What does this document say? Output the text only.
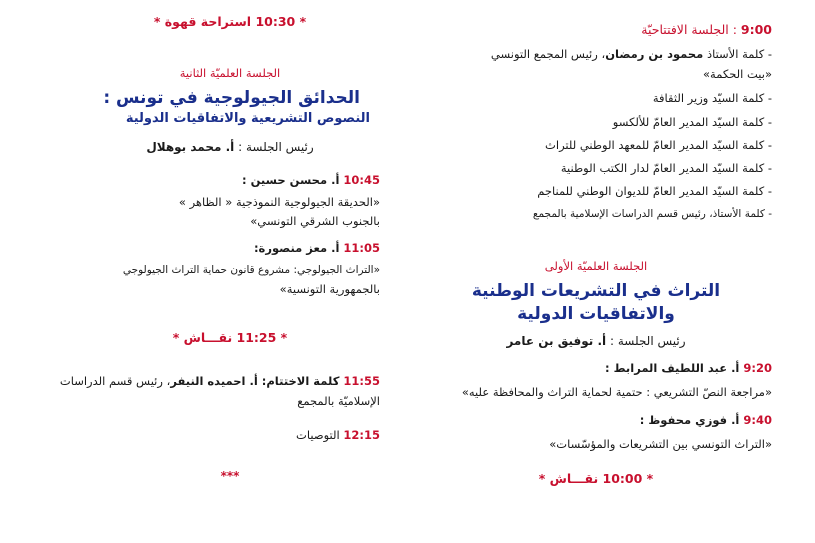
9:00 : الجلسة الافتتاحيّة
- كلمة الأستاذ محمود بن رمضان، رئيس المجمع التونسي
«بيت الحكمة»
- كلمة السيّد وزير الثقافة
- كلمة السيّد المدير العامّ للألكسو
- كلمة السيّد المدير العامّ للمعهد الوطني للتراث
- كلمة السيّد المدير العامّ لدار الكتب الوطنية
- كلمة السيّد المدير العامّ للديوان الوطني للمناجم
- كلمة الأستاذ، رئيس قسم الدراسات الإسلامية بالمجمع
الجلسة العلميّة الأولى
التراث في التشريعات الوطنية
والاتفاقيات الدولية
رئيس الجلسة : أ. توفيق بن عامر
9:20 أ. عبد اللطيف المرابط :
«مراجعة النصّ التشريعي : حتمية لحماية التراث والمحافظة عليه»
9:40 أ. فوزي محفوظ :
«التراث التونسي بين التشريعات والمؤسّسات»
* 10:00 نقـــاش *
* 10:30 استراحة قهوة *
الجلسة العلميّة الثانية
الحدائق الجيولوجية في تونس :
النصوص التشريعية والاتفاقيات الدولية
رئيس الجلسة : أ. محمد بوهلال
10:45 أ. محسن حسين :
«الحديقة الجيولوجية النموذجية « الظاهر »
بالجنوب الشرقي التونسي»
11:05 أ. معز منصورة:
«التراث الجيولوجي: مشروع قانون حماية التراث الجيولوجي
بالجمهورية التونسية»
* 11:25 نقـــاش *
11:55 كلمة الاختتام: أ. احميده النيفر، رئيس قسم الدراسات
الإسلاميّة بالمجمع
12:15 التوصيات
***
